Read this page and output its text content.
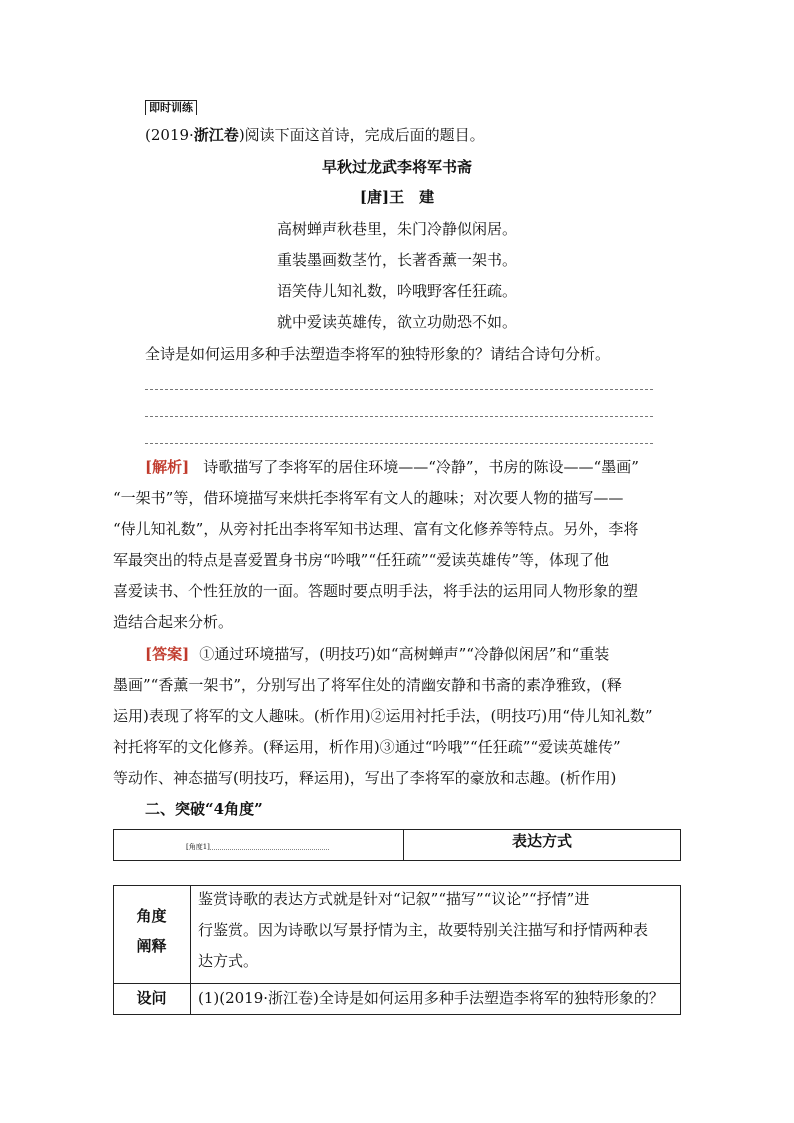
即时训练
(2019·浙江卷)阅读下面这首诗，完成后面的题目。
早秋过龙武李将军书斋
[唐]王　建
高树蝉声秋巷里，朱门冷静似闲居。
重装墨画数茎竹，长著香薰一架书。
语笑侍儿知礼数，吟哦野客任狂疏。
就中爱读英雄传，欲立功勋恐不如。
全诗是如何运用多种手法塑造李将军的独特形象的？请结合诗句分析。
[解析] 诗歌描写了李将军的居住环境——“冷静”，书房的陈设——“墨画”
“一架书”等，借环境描写来烘托李将军有文人的趣味；对次要人物的描写——
“侍儿知礼数”，从旁衬托出李将军知书达理、富有文化修养等特点。另外，李将
军最突出的特点是喜爱置身书房“吟哦”“任狂疏”“爱读英雄传”等，体现了他
喜爱读书、个性狂放的一面。答题时要点明手法，将手法的运用同人物形象的塑
造结合起来分析。
[答案] ①通过环境描写，(明技巧)如“高树蝉声”“冷静似闲居”和“重装
墨画”“香薰一架书”，分别写出了将军住处的清幽安静和书斋的素净雅致，(释
运用)表现了将军的文人趣味。(析作用)②运用衬托手法，(明技巧)用“侍儿知礼数”
衬托将军的文化修养。(释运用，析作用)③通过“吟哦”“任狂疏”“爱读英雄传”
等动作、神态描写(明技巧，释运用)，写出了李将军的豪放和志趣。(析作用)
二、突破“4角度”
[角度1]	表达方式
角度
阐释
鉴赏诗歌的表达方式就是针对“记叙”“描写”“议论”“抒情”进
行鉴赏。因为诗歌以写景抒情为主，故要特别关注描写和抒情两种表
达方式。
设问	(1)(2019·浙江卷)全诗是如何运用多种手法塑造李将军的独特形象的？
